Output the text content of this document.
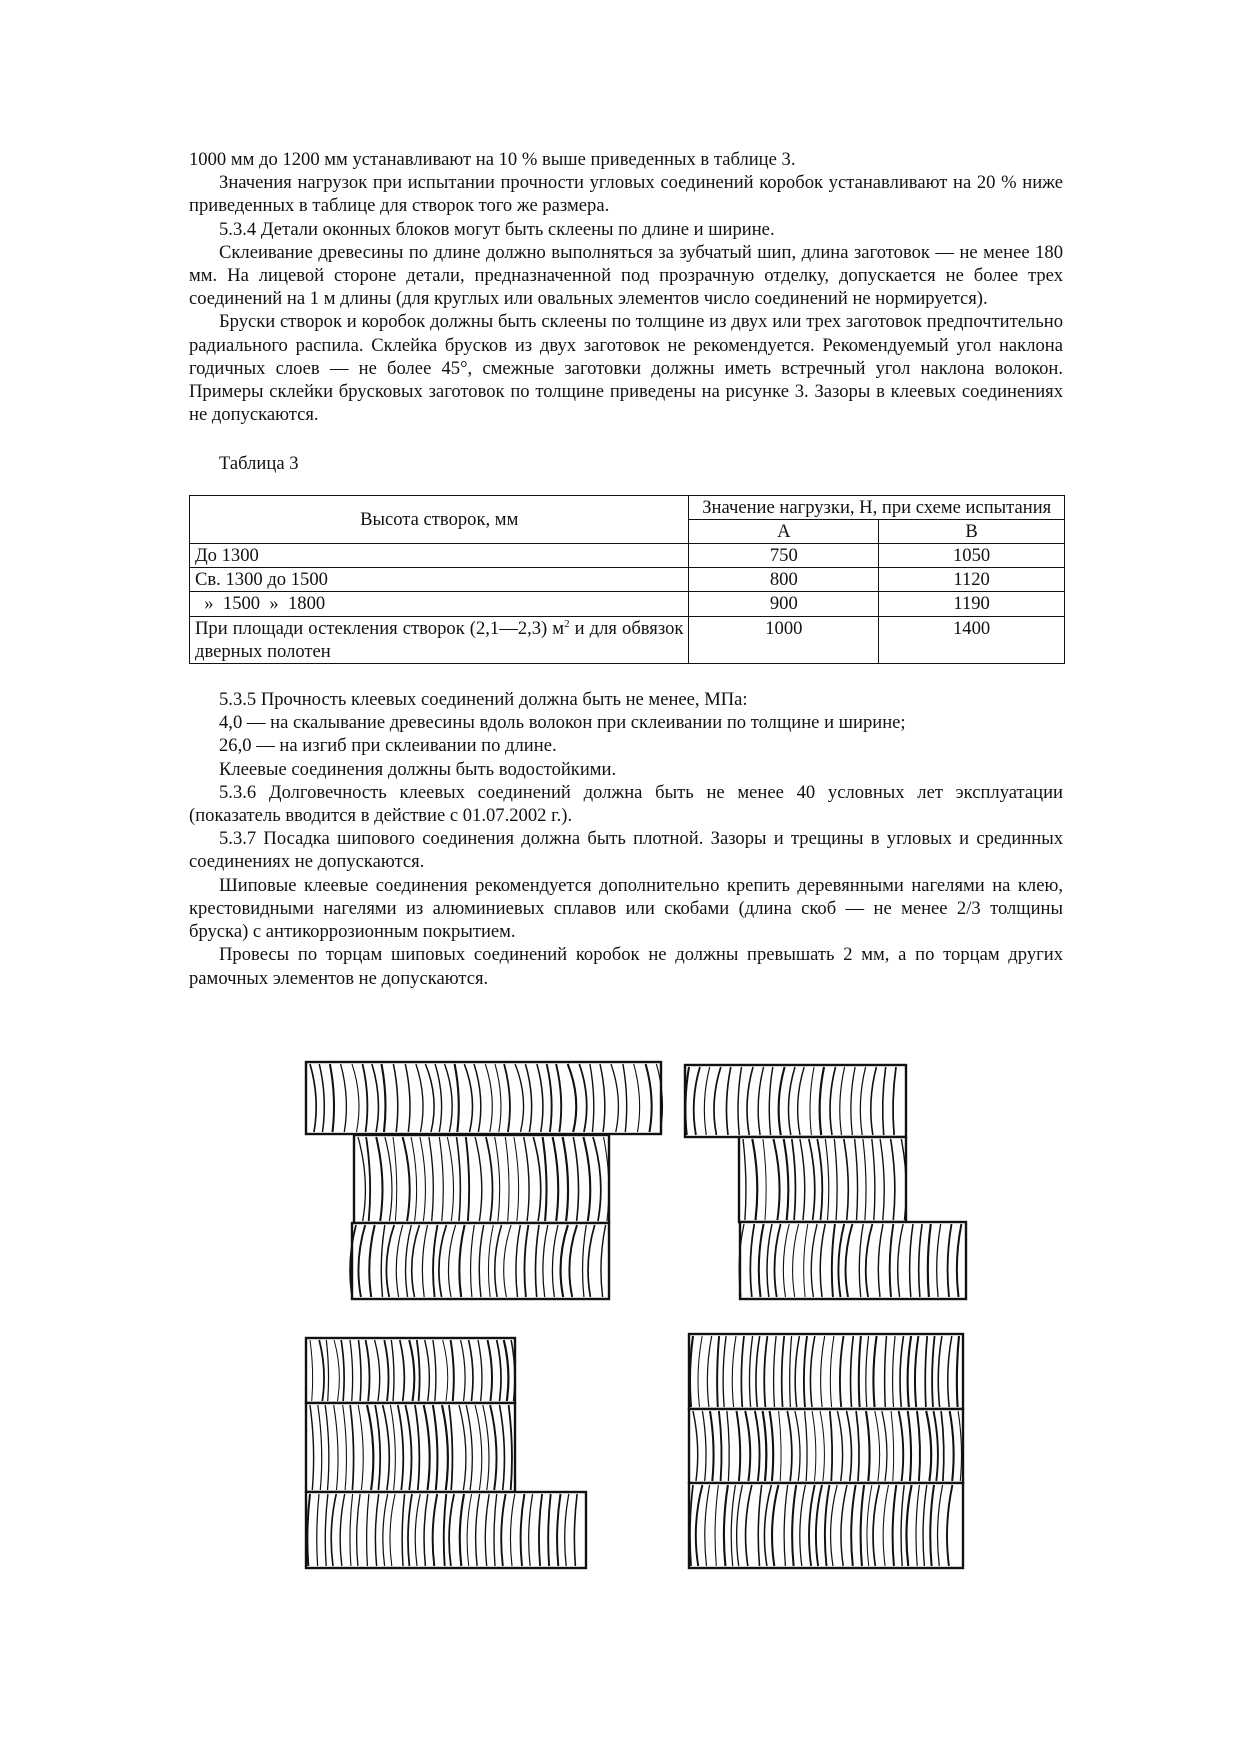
1000 мм до 1200 мм устанавливают на 10 % выше приведенных в таблице 3.

Значения нагрузок при испытании прочности угловых соединений коробок устанавливают на 20 % ниже приведенных в таблице для створок того же размера.

5.3.4 Детали оконных блоков могут быть склеены по длине и ширине.

Склеивание древесины по длине должно выполняться за зубчатый шип, длина заготовок — не менее 180 мм. На лицевой стороне детали, предназначенной под прозрачную отделку, допускается не более трех соединений на 1 м длины (для круглых или овальных элементов число соединений не нормируется).

Бруски створок и коробок должны быть склеены по толщине из двух или трех заготовок предпочтительно радиального распила. Склейка брусков из двух заготовок не рекомендуется. Рекомендуемый угол наклона годичных слоев — не более 45°, смежные заготовки должны иметь встречный угол наклона волокон. Примеры склейки брусковых заготовок по толщине приведены на рисунке 3. Зазоры в клеевых соединениях не допускаются.

Таблица 3
Высота створок, мм	Значение нагрузки, Н, при схеме испытания	
	А	В
До 1300	750	1050
Св. 1300 до 1500	800	1120
»  1500  »  1800	900	1190
При площади остекления створок (2,1—2,3) $м^2$ и для обвязок дверных полотен	1000	1400

5.3.5 Прочность клеевых соединений должна быть не менее, МПа:

4,0 — на скалывание древесины вдоль волокон при склеивании по толщине и ширине;

26,0 — на изгиб при склеивании по длине.

Клеевые соединения должны быть водостойкими.

5.3.6 Долговечность клеевых соединений должна быть не менее 40 условных лет эксплуатации (показатель вводится в действие с 01.07.2002 г.).

5.3.7 Посадка шипового соединения должна быть плотной. Зазоры и трещины в угловых и срединных соединениях не допускаются.

Шиповые клеевые соединения рекомендуется дополнительно крепить деревянными нагелями на клею, крестовидными нагелями из алюминиевых сплавов или скобами (длина скоб — не менее 2/3 толщины бруска) с антикоррозионным покрытием.

Провесы по торцам шиповых соединений коробок не должны превышать 2 мм, а по торцам других рамочных элементов не допускаются.
